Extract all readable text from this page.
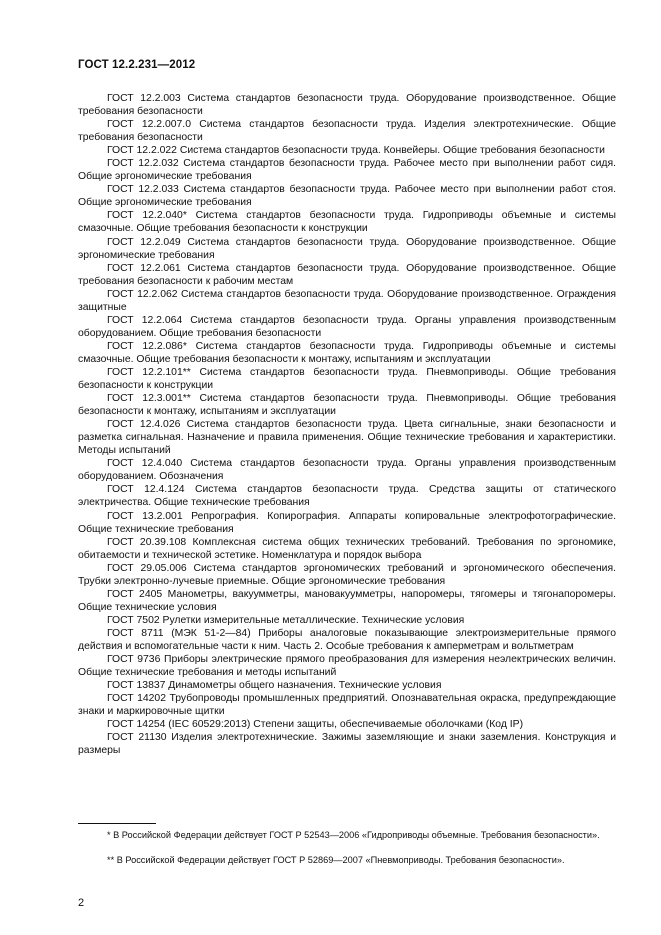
ГОСТ 12.2.231—2012

ГОСТ 12.2.003 Система стандартов безопасности труда. Оборудование производственное. Общие требования безопасности

ГОСТ 12.2.007.0 Система стандартов безопасности труда. Изделия электротехнические. Общие требования безопасности

ГОСТ 12.2.022 Система стандартов безопасности труда. Конвейеры. Общие требования безопасности

ГОСТ 12.2.032 Система стандартов безопасности труда. Рабочее место при выполнении работ сидя. Общие эргономические требования

ГОСТ 12.2.033 Система стандартов безопасности труда. Рабочее место при выполнении работ стоя. Общие эргономические требования

ГОСТ 12.2.040* Система стандартов безопасности труда. Гидроприводы объемные и системы смазочные. Общие требования безопасности к конструкции

ГОСТ 12.2.049 Система стандартов безопасности труда. Оборудование производственное. Общие эргономические требования

ГОСТ 12.2.061 Система стандартов безопасности труда. Оборудование производственное. Общие требования безопасности к рабочим местам

ГОСТ 12.2.062 Система стандартов безопасности труда. Оборудование производственное. Ограждения защитные

ГОСТ 12.2.064 Система стандартов безопасности труда. Органы управления производственным оборудованием. Общие требования безопасности

ГОСТ 12.2.086* Система стандартов безопасности труда. Гидроприводы объемные и системы смазочные. Общие требования безопасности к монтажу, испытаниям и эксплуатации

ГОСТ 12.2.101** Система стандартов безопасности труда. Пневмоприводы. Общие требования безопасности к конструкции

ГОСТ 12.3.001** Система стандартов безопасности труда. Пневмоприводы. Общие требования безопасности к монтажу, испытаниям и эксплуатации

ГОСТ 12.4.026 Система стандартов безопасности труда. Цвета сигнальные, знаки безопасности и разметка сигнальная. Назначение и правила применения. Общие технические требования и характеристики. Методы испытаний

ГОСТ 12.4.040 Система стандартов безопасности труда. Органы управления производственным оборудованием. Обозначения

ГОСТ 12.4.124 Система стандартов безопасности труда. Средства защиты от статического электричества. Общие технические требования

ГОСТ 13.2.001 Репрография. Копирография. Аппараты копировальные электрофотографические. Общие технические требования

ГОСТ 20.39.108 Комплексная система общих технических требований. Требования по эргономике, обитаемости и технической эстетике. Номенклатура и порядок выбора

ГОСТ 29.05.006 Система стандартов эргономических требований и эргономического обеспечения. Трубки электронно-лучевые приемные. Общие эргономические требования

ГОСТ 2405 Манометры, вакуумметры, мановакуумметры, напоромеры, тягомеры и тягонапоромеры. Общие технические условия

ГОСТ 7502 Рулетки измерительные металлические. Технические условия

ГОСТ 8711 (МЭК 51-2—84) Приборы аналоговые показывающие электроизмерительные прямого действия и вспомогательные части к ним. Часть 2. Особые требования к амперметрам и вольтметрам

ГОСТ 9736 Приборы электрические прямого преобразования для измерения неэлектрических величин. Общие технические требования и методы испытаний

ГОСТ 13837 Динамометры общего назначения. Технические условия

ГОСТ 14202 Трубопроводы промышленных предприятий. Опознавательная окраска, предупреждающие знаки и маркировочные щитки

ГОСТ 14254 (IEC 60529:2013) Степени защиты, обеспечиваемые оболочками (Код IP)

ГОСТ 21130 Изделия электротехнические. Зажимы заземляющие и знаки заземления. Конструкция и размеры

* В Российской Федерации действует ГОСТ Р 52543—2006 «Гидроприводы объемные. Требования безопасности».

** В Российской Федерации действует ГОСТ Р 52869—2007 «Пневмоприводы. Требования безопасности».

2
